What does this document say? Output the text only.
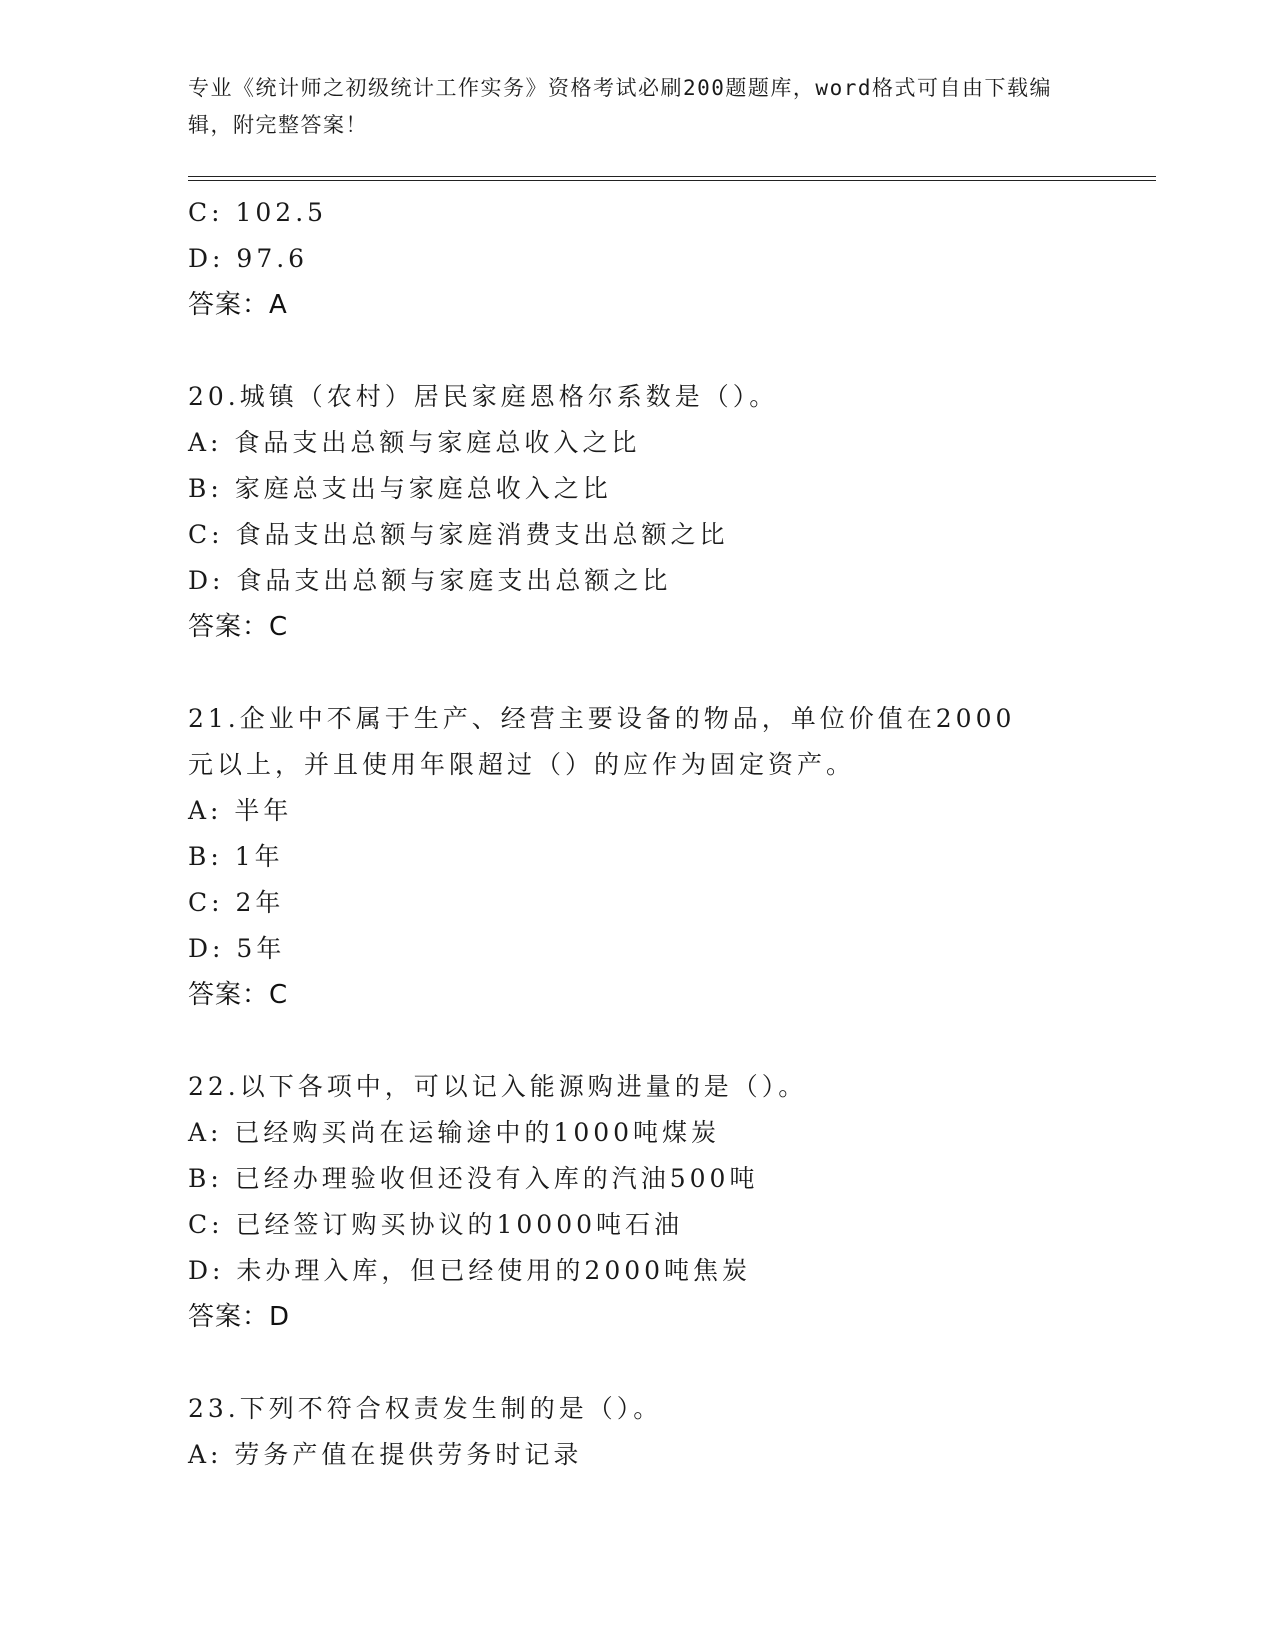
专业《统计师之初级统计工作实务》资格考试必刷200题题库，word格式可自由下载编辑，附完整答案！
C: 102.5
D: 97.6
答案：A
20.城镇（农村）居民家庭恩格尔系数是（）。
A: 食品支出总额与家庭总收入之比
B: 家庭总支出与家庭总收入之比
C: 食品支出总额与家庭消费支出总额之比
D: 食品支出总额与家庭支出总额之比
答案：C
21.企业中不属于生产、经营主要设备的物品，单位价值在2000元以上，并且使用年限超过（）的应作为固定资产。
A: 半年
B: 1年
C: 2年
D: 5年
答案：C
22.以下各项中，可以记入能源购进量的是（）。
A: 已经购买尚在运输途中的1000吨煤炭
B: 已经办理验收但还没有入库的汽油500吨
C: 已经签订购买协议的10000吨石油
D: 未办理入库，但已经使用的2000吨焦炭
答案：D
23.下列不符合权责发生制的是（）。
A: 劳务产值在提供劳务时记录
